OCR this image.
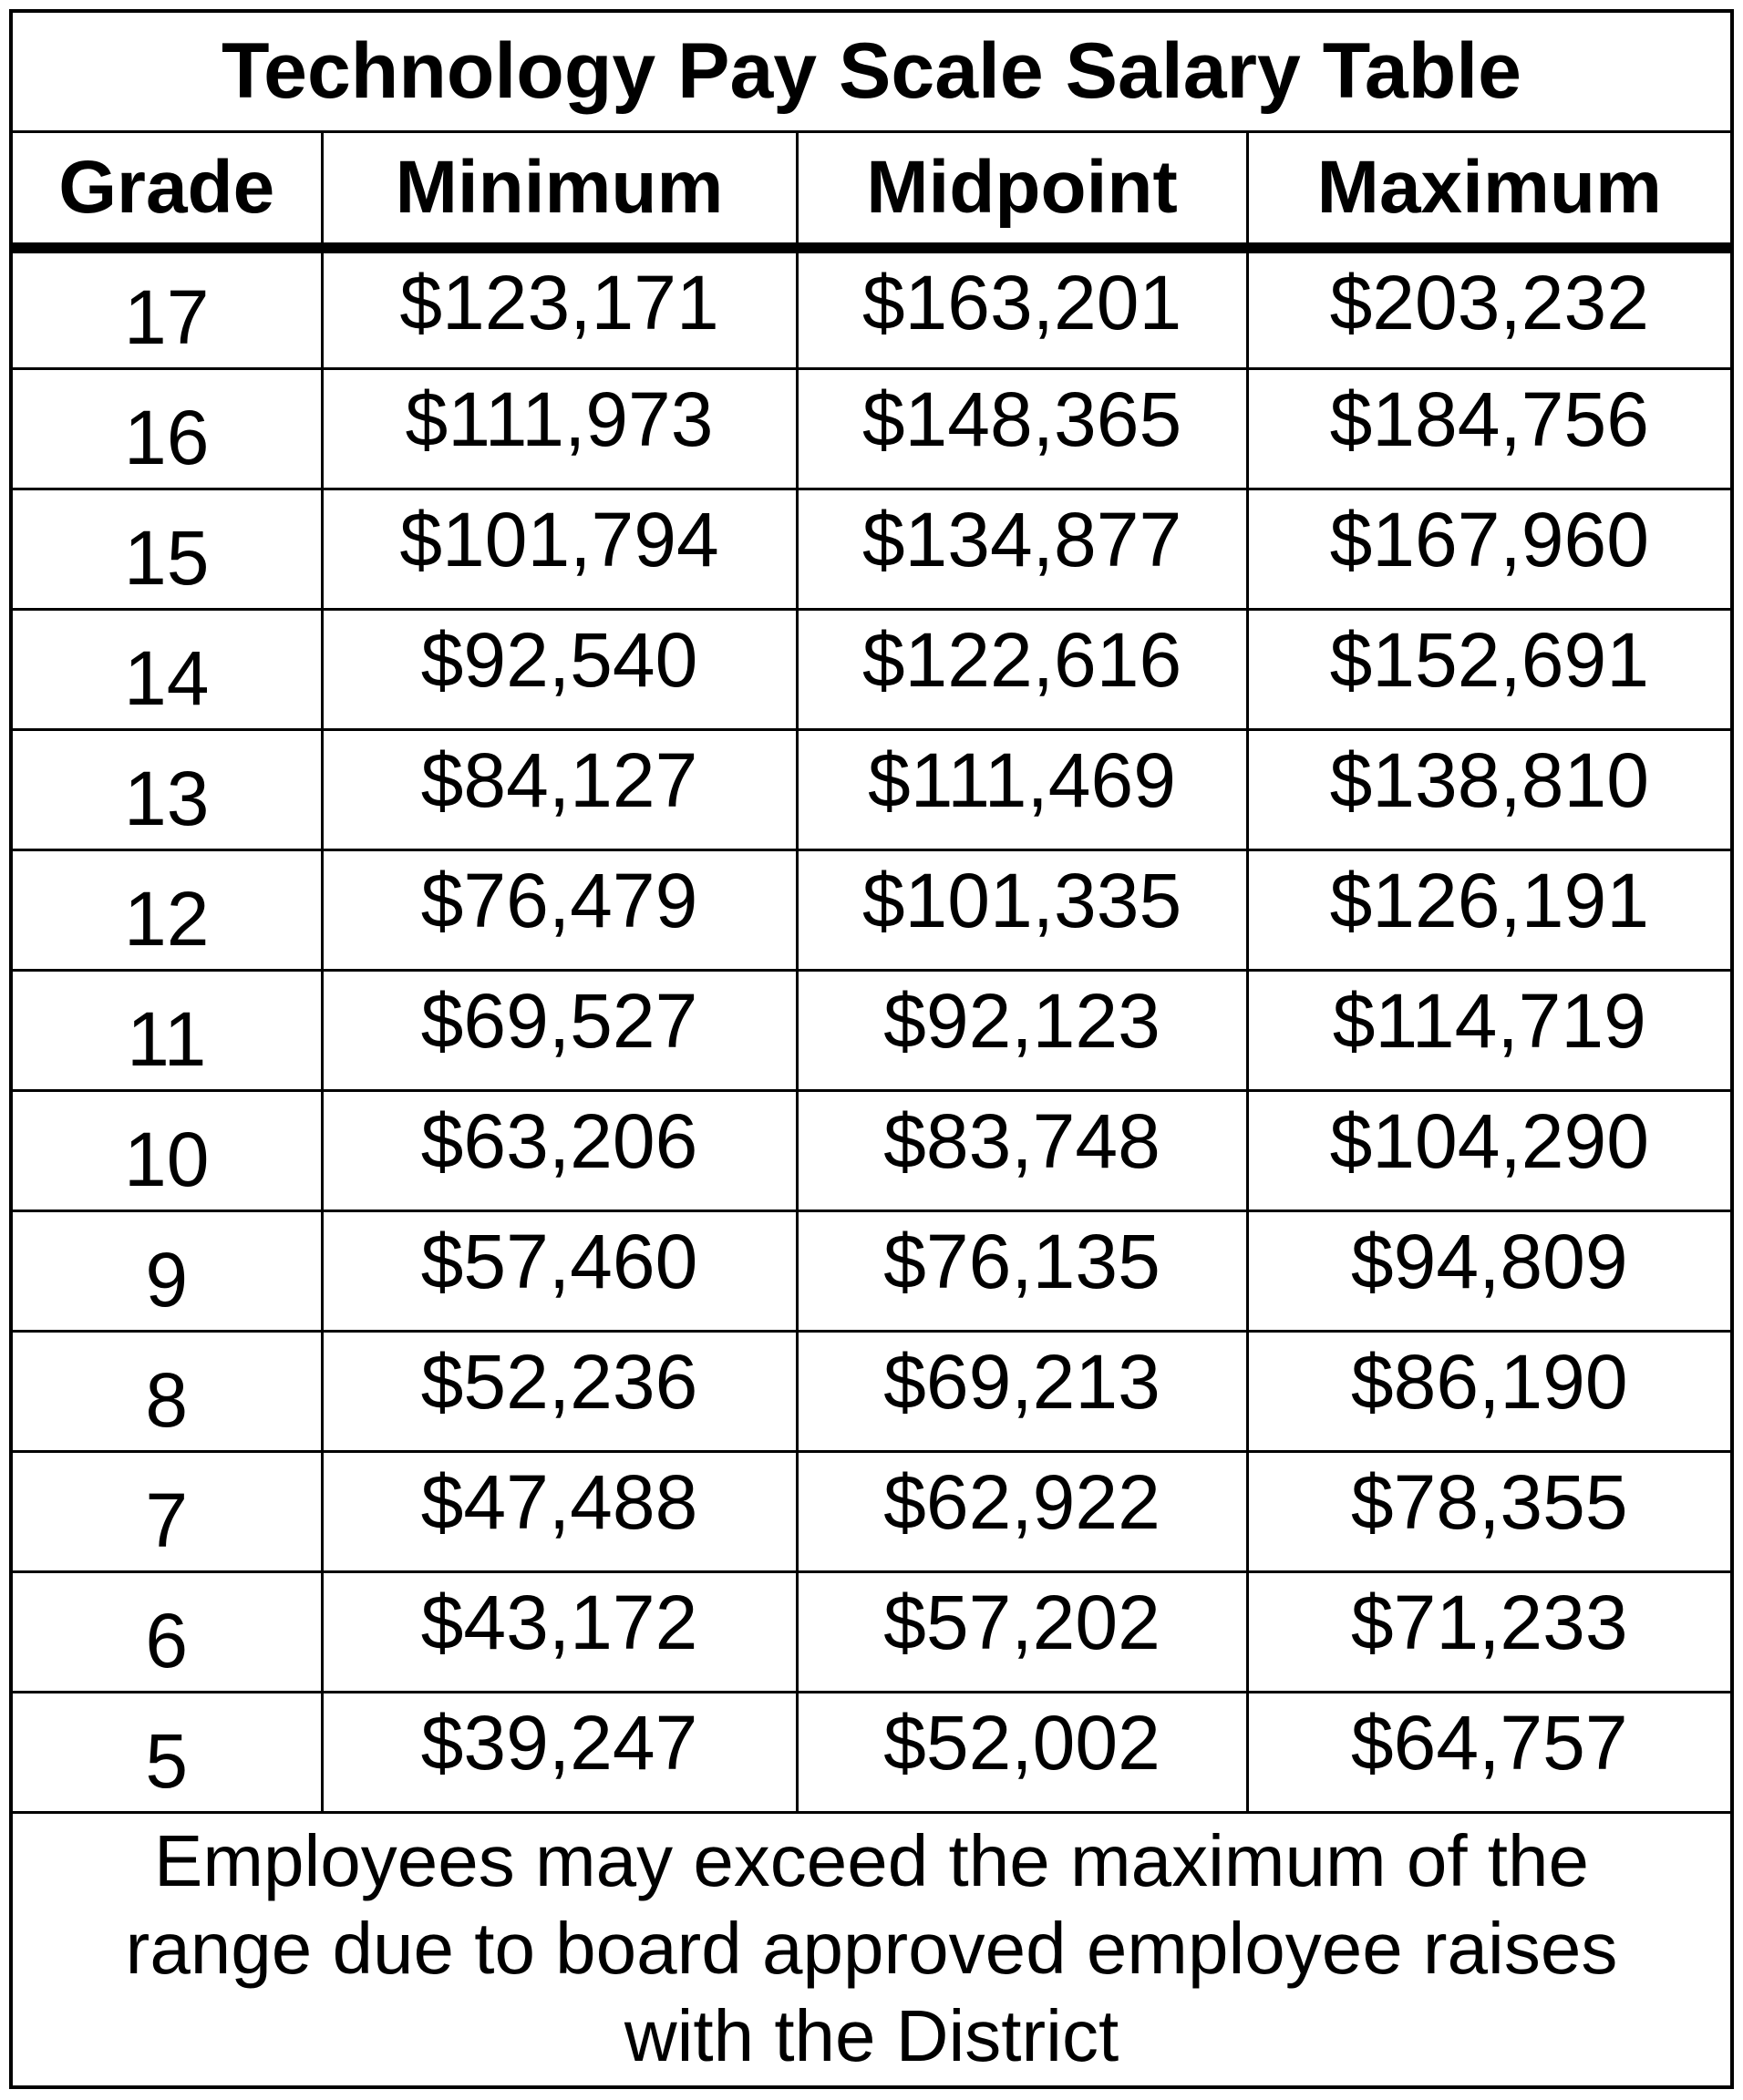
Technology Pay Scale Salary Table
Grade	Minimum	Midpoint	Maximum
17	$123,171	$163,201	$203,232
16	$111,973	$148,365	$184,756
15	$101,794	$134,877	$167,960
14	$92,540	$122,616	$152,691
13	$84,127	$111,469	$138,810
12	$76,479	$101,335	$126,191
11	$69,527	$92,123	$114,719
10	$63,206	$83,748	$104,290
9	$57,460	$76,135	$94,809
8	$52,236	$69,213	$86,190
7	$47,488	$62,922	$78,355
6	$43,172	$57,202	$71,233
5	$39,247	$52,002	$64,757
Employees may exceed the maximum of the range due to board approved employee raises with the District
